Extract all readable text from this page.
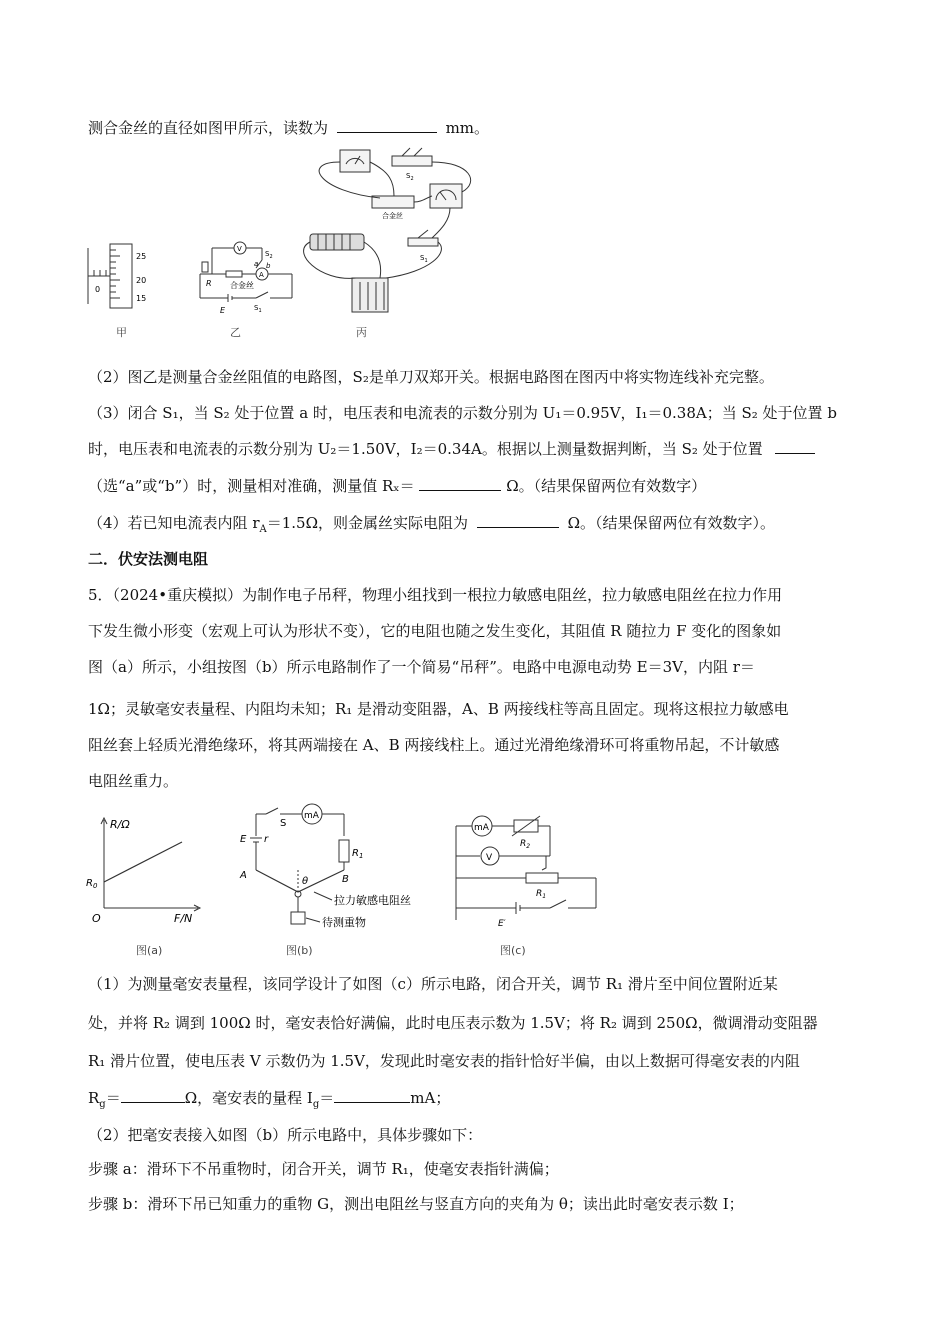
测合金丝的直径如图甲所示，读数为	mm。
25
20
15
0
甲
V
A
R
E	$S_1$
$S_2$
a b
合金丝
乙
$S_2$
合金丝
$S_1$
丙
（2）图乙是测量合金丝阻值的电路图，S₂是单刀双郑开关。根据电路图在图丙中将实物连线补充完整。
（3）闭合 S₁，当 S₂ 处于位置 a 时，电压表和电流表的示数分别为 U₁＝0.95V，I₁＝0.38A；当 S₂ 处于位置 b
时，电压表和电流表的示数分别为 U₂＝1.50V，I₂＝0.34A。根据以上测量数据判断，当 S₂ 处于位置
（选“a”或“b”）时，测量相对准确，测量值 Rₓ＝	Ω。（结果保留两位有效数字）
（4）若已知电流表内阻 $r_A=1.5\Omega$，则金属丝实际电阻为	Ω。（结果保留两位有效数字）。
二．伏安法测电阻
5．（2024•重庆模拟）为制作电子吊秤，物理小组找到一根拉力敏感电阻丝，拉力敏感电阻丝在拉力作用
下发生微小形变（宏观上可认为形状不变），它的电阻也随之发生变化，其阻值 R 随拉力 F 变化的图象如
图（a）所示，小组按图（b）所示电路制作了一个简易“吊秤”。电路中电源电动势 E＝3V，内阻 r＝
1Ω；灵敏毫安表量程、内阻均未知；R₁ 是滑动变阻器，A、B 两接线柱等高且固定。现将这根拉力敏感电
阻丝套上轻质光滑绝缘环，将其两端接在 A、B 两接线柱上。通过光滑绝缘滑环可将重物吊起，不计敏感
电阻丝重力。
R/Ω
F/N
O
$R_0$
图(a)
mA
S
E r
$R_1$
A	B
θ
拉力敏感电阻丝
待测重物
图(b)
mA
$R_2$
V
$R_1$
E′
图(c)
（1）为测量毫安表量程，该同学设计了如图（c）所示电路，闭合开关，调节 R₁ 滑片至中间位置附近某
处，并将 R₂ 调到 100Ω 时，毫安表恰好满偏，此时电压表示数为 1.5V；将 R₂ 调到 250Ω，微调滑动变阻器
R₁ 滑片位置，使电压表 V 示数仍为 1.5V，发现此时毫安表的指针恰好半偏，由以上数据可得毫安表的内阻
$R_g=$	Ω，毫安表的量程 $I_g=$	mA；
（2）把毫安表接入如图（b）所示电路中，具体步骤如下：
步骤 a：滑环下不吊重物时，闭合开关，调节 R₁，使毫安表指针满偏；
步骤 b：滑环下吊已知重力的重物 G，测出电阻丝与竖直方向的夹角为 θ；读出此时毫安表示数 I；
